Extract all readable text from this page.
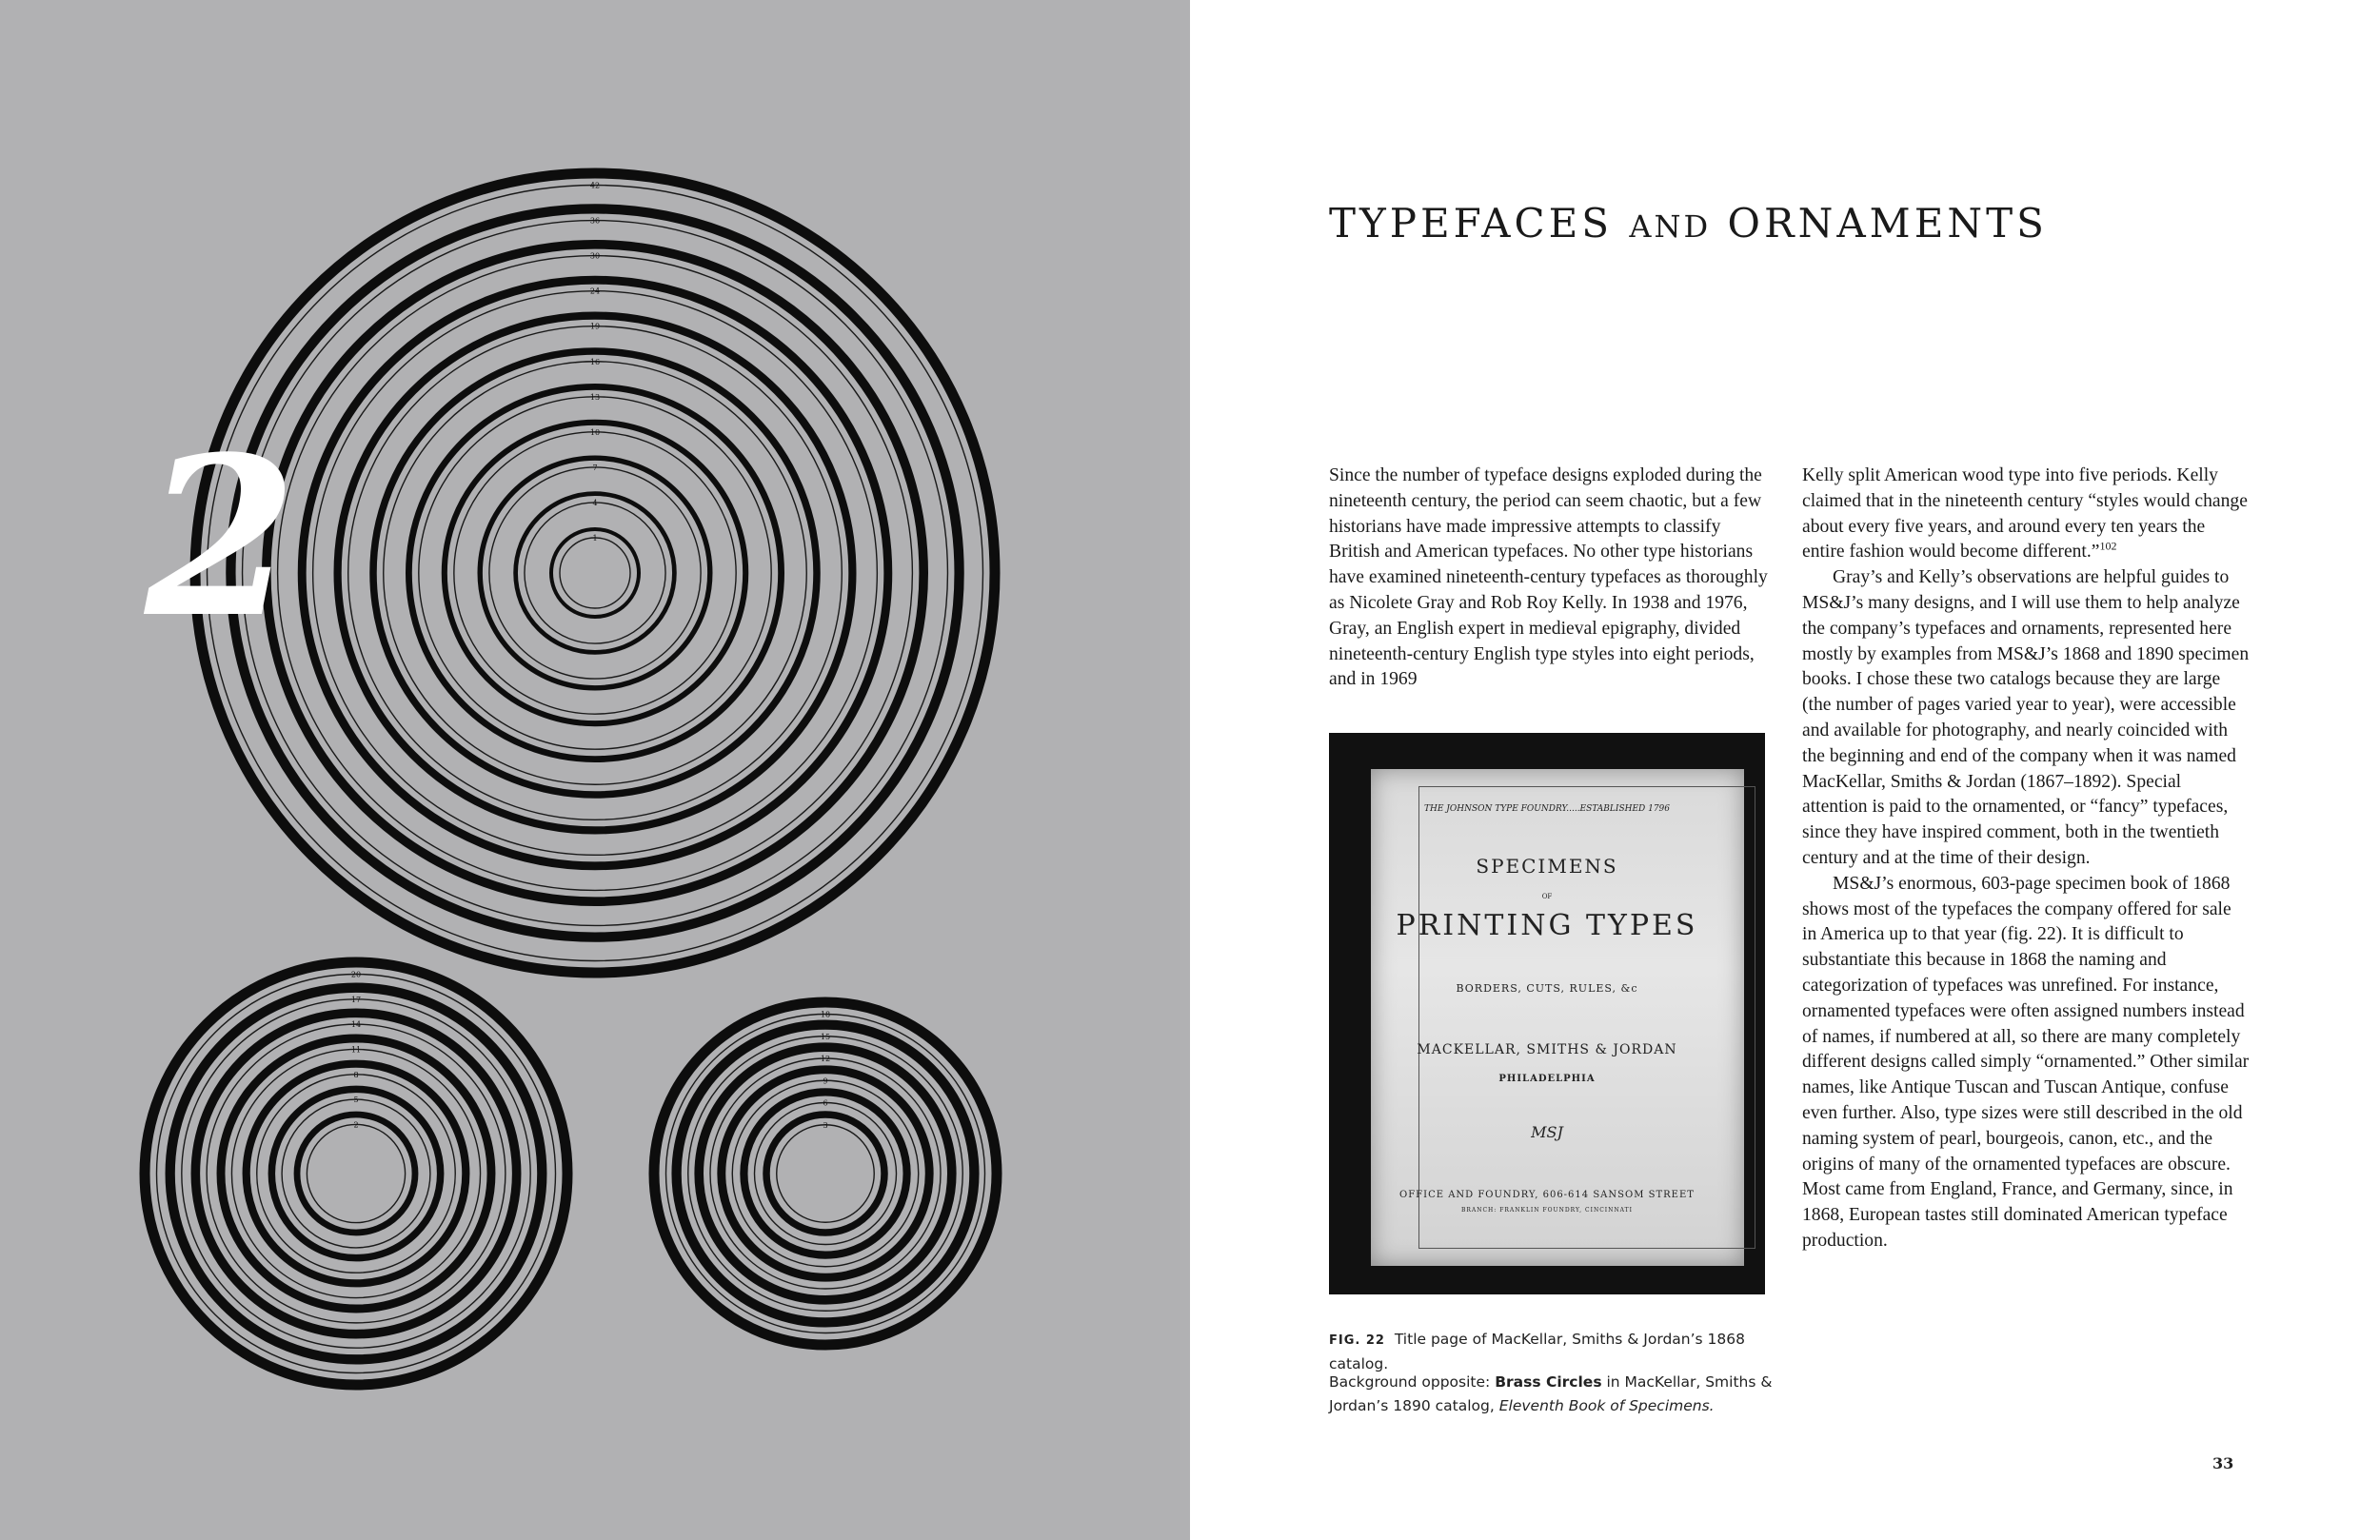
42
36
30
24
19
16
13
10
7
4
1
20
17
14
11
8
5
2
18
15
12
9
6
3
2
TYPEFACES AND ORNAMENTS

Since the number of typeface designs exploded during the nineteenth century, the period can seem chaotic, but a few historians have made impressive attempts to classify British and American typefaces. No other type historians have examined nineteenth-century typefaces as thoroughly as Nicolete Gray and Rob Roy Kelly. In 1938 and 1976, Gray, an English expert in medieval epigraphy, divided nineteenth-century English type styles into eight periods, and in 1969

Kelly split American wood type into five periods. Kelly claimed that in the nineteenth century “styles would change about every five years, and around every ten years the entire fashion would become different.”$^{102}$

Gray’s and Kelly’s observations are helpful guides to MS&J’s many designs, and I will use them to help analyze the company’s typefaces and ornaments, represented here mostly by examples from MS&J’s 1868 and 1890 specimen books. I chose these two catalogs because they are large (the number of pages varied year to year), were accessible and available for photography, and nearly coincided with the beginning and end of the company when it was named MacKellar, Smiths & Jordan (1867–1892). Special attention is paid to the ornamented, or “fancy” typefaces, since they have inspired comment, both in the twentieth century and at the time of their design.

MS&J’s enormous, 603-page specimen book of 1868 shows most of the typefaces the company offered for sale in America up to that year (fig. 22). It is difficult to substantiate this because in 1868 the naming and categorization of typefaces was unrefined. For instance, ornamented typefaces were often assigned numbers instead of names, if numbered at all, so there are many completely different designs called simply “ornamented.” Other similar names, like Antique Tuscan and Tuscan Antique, confuse even further. Also, type sizes were still described in the old naming system of pearl, bourgeois, canon, etc., and the origins of many of the ornamented typefaces are obscure. Most came from England, France, and Germany, since, in 1868, European tastes still dominated American typeface production.

THE JOHNSON TYPE FOUNDRY.....ESTABLISHED 1796
SPECIMENS
OF
PRINTING TYPES
BORDERS, CUTS, RULES, &c
MACKELLAR, SMITHS & JORDAN
PHILADELPHIA
MSJ
OFFICE AND FOUNDRY, 606-614 SANSOM STREET
BRANCH: FRANKLIN FOUNDRY, CINCINNATI
FIG. 22 Title page of MacKellar, Smiths & Jordan’s 1868 catalog.
Background opposite: Brass Circles in MacKellar, Smiths & Jordan’s 1890 catalog, Eleventh Book of Specimens.
33
